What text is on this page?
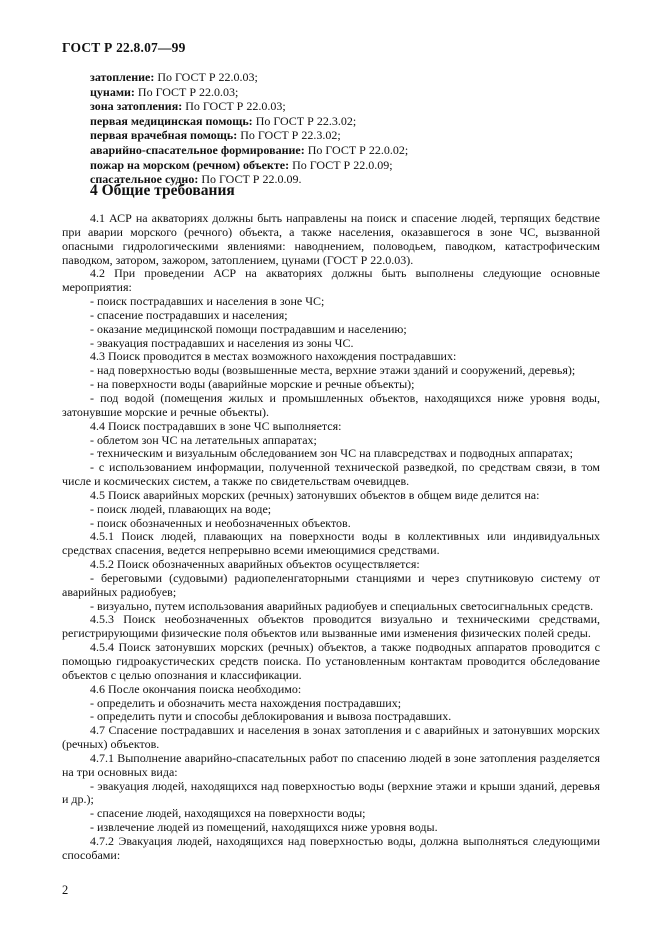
ГОСТ Р 22.8.07—99
затопление: По ГОСТ Р 22.0.03;
цунами: По ГОСТ Р 22.0.03;
зона затопления: По ГОСТ Р 22.0.03;
первая медицинская помощь: По ГОСТ Р 22.3.02;
первая врачебная помощь: По ГОСТ Р 22.3.02;
аварийно-спасательное формирование: По ГОСТ Р 22.0.02;
пожар на морском (речном) объекте: По ГОСТ Р 22.0.09;
спасательное судно: По ГОСТ Р 22.0.09.
4 Общие требования

4.1 АСР на акваториях должны быть направлены на поиск и спасение людей, терпящих бедствие при аварии морского (речного) объекта, а также населения, оказавшегося в зоне ЧС, вызванной опасными гидрологическими явлениями: наводнением, половодьем, паводком, катастрофическим паводком, затором, зажором, затоплением, цунами (ГОСТ Р 22.0.03).

4.2 При проведении АСР на акваториях должны быть выполнены следующие основные мероприятия:

- поиск пострадавших и населения в зоне ЧС;

- спасение пострадавших и населения;

- оказание медицинской помощи пострадавшим и населению;

- эвакуация пострадавших и населения из зоны ЧС.

4.3 Поиск проводится в местах возможного нахождения пострадавших:

- над поверхностью воды (возвышенные места, верхние этажи зданий и сооружений, деревья);

- на поверхности воды (аварийные морские и речные объекты);

- под водой (помещения жилых и промышленных объектов, находящихся ниже уровня воды, затонувшие морские и речные объекты).

4.4 Поиск пострадавших в зоне ЧС выполняется:

- облетом зон ЧС на летательных аппаратах;

- техническим и визуальным обследованием зон ЧС на плавсредствах и подводных аппаратах;

- с использованием информации, полученной технической разведкой, по средствам связи, в том числе и космических систем, а также по свидетельствам очевидцев.

4.5 Поиск аварийных морских (речных) затонувших объектов в общем виде делится на:

- поиск людей, плавающих на воде;

- поиск обозначенных и необозначенных объектов.

4.5.1 Поиск людей, плавающих на поверхности воды в коллективных или индивидуальных средствах спасения, ведется непрерывно всеми имеющимися средствами.

4.5.2 Поиск обозначенных аварийных объектов осуществляется:

- береговыми (судовыми) радиопеленгаторными станциями и через спутниковую систему от аварийных радиобуев;

- визуально, путем использования аварийных радиобуев и специальных светосигнальных средств.

4.5.3 Поиск необозначенных объектов проводится визуально и техническими средствами, регистрирующими физические поля объектов или вызванные ими изменения физических полей среды.

4.5.4 Поиск затонувших морских (речных) объектов, а также подводных аппаратов проводится с помощью гидроакустических средств поиска. По установленным контактам проводится обследование объектов с целью опознания и классификации.

4.6 После окончания поиска необходимо:

- определить и обозначить места нахождения пострадавших;

- определить пути и способы деблокирования и вывоза пострадавших.

4.7 Спасение пострадавших и населения в зонах затопления и с аварийных и затонувших морских (речных) объектов.

4.7.1 Выполнение аварийно-спасательных работ по спасению людей в зоне затопления разделяется на три основных вида:

- эвакуация людей, находящихся над поверхностью воды (верхние этажи и крыши зданий, деревья и др.);

- спасение людей, находящихся на поверхности воды;

- извлечение людей из помещений, находящихся ниже уровня воды.

4.7.2 Эвакуация людей, находящихся над поверхностью воды, должна выполняться следующими способами:

2
